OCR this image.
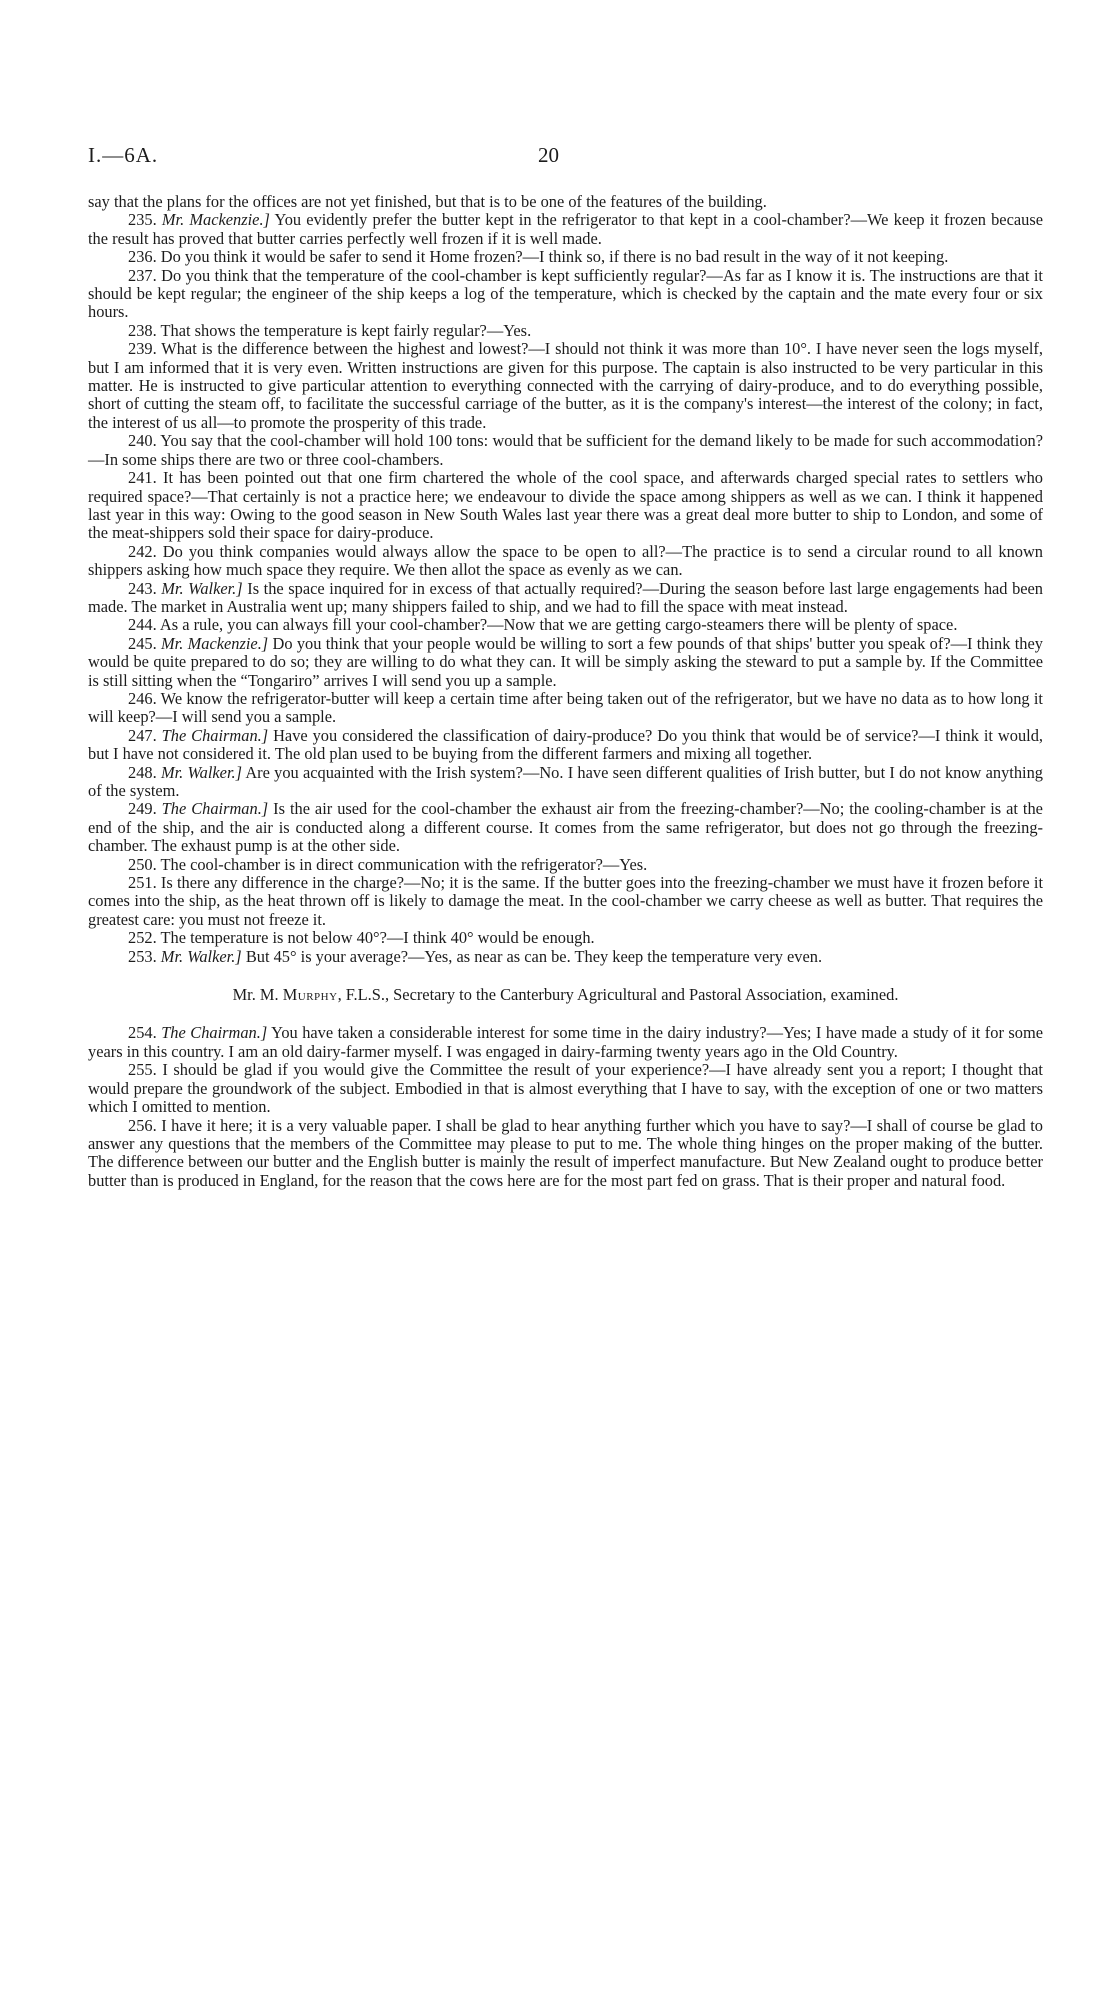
I.—6A.	20

say that the plans for the offices are not yet finished, but that is to be one of the features of the building.

235. Mr. Mackenzie.] You evidently prefer the butter kept in the refrigerator to that kept in a cool-chamber?—We keep it frozen because the result has proved that butter carries perfectly well frozen if it is well made.

236. Do you think it would be safer to send it Home frozen?—I think so, if there is no bad result in the way of it not keeping.

237. Do you think that the temperature of the cool-chamber is kept sufficiently regular?—As far as I know it is. The instructions are that it should be kept regular; the engineer of the ship keeps a log of the temperature, which is checked by the captain and the mate every four or six hours.

238. That shows the temperature is kept fairly regular?—Yes.

239. What is the difference between the highest and lowest?—I should not think it was more than 10°. I have never seen the logs myself, but I am informed that it is very even. Written instructions are given for this purpose. The captain is also instructed to be very particular in this matter. He is instructed to give particular attention to everything connected with the carrying of dairy-produce, and to do everything possible, short of cutting the steam off, to facilitate the successful carriage of the butter, as it is the company's interest—the interest of the colony; in fact, the interest of us all—to promote the prosperity of this trade.

240. You say that the cool-chamber will hold 100 tons: would that be sufficient for the demand likely to be made for such accommodation?—In some ships there are two or three cool-chambers.

241. It has been pointed out that one firm chartered the whole of the cool space, and afterwards charged special rates to settlers who required space?—That certainly is not a practice here; we endeavour to divide the space among shippers as well as we can. I think it happened last year in this way: Owing to the good season in New South Wales last year there was a great deal more butter to ship to London, and some of the meat-shippers sold their space for dairy-produce.

242. Do you think companies would always allow the space to be open to all?—The practice is to send a circular round to all known shippers asking how much space they require. We then allot the space as evenly as we can.

243. Mr. Walker.] Is the space inquired for in excess of that actually required?—During the season before last large engagements had been made. The market in Australia went up; many shippers failed to ship, and we had to fill the space with meat instead.

244. As a rule, you can always fill your cool-chamber?—Now that we are getting cargo-steamers there will be plenty of space.

245. Mr. Mackenzie.] Do you think that your people would be willing to sort a few pounds of that ships' butter you speak of?—I think they would be quite prepared to do so; they are willing to do what they can. It will be simply asking the steward to put a sample by. If the Committee is still sitting when the “Tongariro” arrives I will send you up a sample.

246. We know the refrigerator-butter will keep a certain time after being taken out of the refrigerator, but we have no data as to how long it will keep?—I will send you a sample.

247. The Chairman.] Have you considered the classification of dairy-produce? Do you think that would be of service?—I think it would, but I have not considered it. The old plan used to be buying from the different farmers and mixing all together.

248. Mr. Walker.] Are you acquainted with the Irish system?—No. I have seen different qualities of Irish butter, but I do not know anything of the system.

249. The Chairman.] Is the air used for the cool-chamber the exhaust air from the freezing-chamber?—No; the cooling-chamber is at the end of the ship, and the air is conducted along a different course. It comes from the same refrigerator, but does not go through the freezing-chamber. The exhaust pump is at the other side.

250. The cool-chamber is in direct communication with the refrigerator?—Yes.

251. Is there any difference in the charge?—No; it is the same. If the butter goes into the freezing-chamber we must have it frozen before it comes into the ship, as the heat thrown off is likely to damage the meat. In the cool-chamber we carry cheese as well as butter. That requires the greatest care: you must not freeze it.

252. The temperature is not below 40°?—I think 40° would be enough.

253. Mr. Walker.] But 45° is your average?—Yes, as near as can be. They keep the temperature very even.

Mr. M. Murphy, F.L.S., Secretary to the Canterbury Agricultural and Pastoral Association, examined.

254. The Chairman.] You have taken a considerable interest for some time in the dairy industry?—Yes; I have made a study of it for some years in this country. I am an old dairy-farmer myself. I was engaged in dairy-farming twenty years ago in the Old Country.

255. I should be glad if you would give the Committee the result of your experience?—I have already sent you a report; I thought that would prepare the groundwork of the subject. Embodied in that is almost everything that I have to say, with the exception of one or two matters which I omitted to mention.

256. I have it here; it is a very valuable paper. I shall be glad to hear anything further which you have to say?—I shall of course be glad to answer any questions that the members of the Committee may please to put to me. The whole thing hinges on the proper making of the butter. The difference between our butter and the English butter is mainly the result of imperfect manufacture. But New Zealand ought to produce better butter than is produced in England, for the reason that the cows here are for the most part fed on grass. That is their proper and natural food.
